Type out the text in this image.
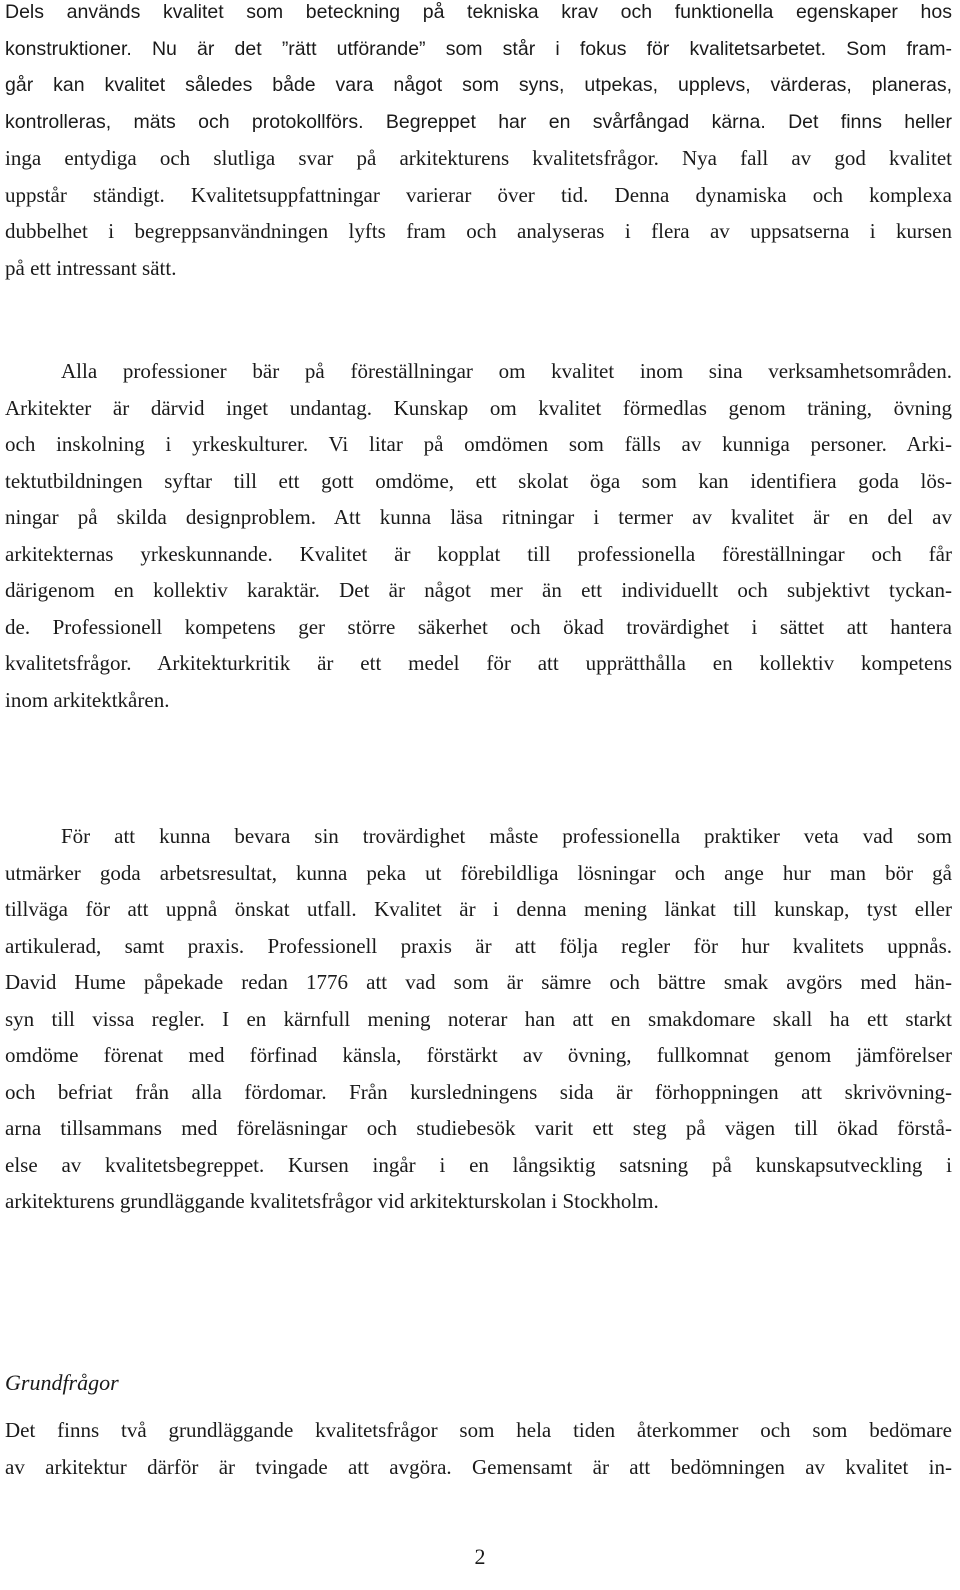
Dels används kvalitet som beteckning på tekniska krav och funktionella egenskaper hos
konstruktioner. Nu är det ”rätt utförande” som står i fokus för kvalitetsarbetet. Som fram-
går kan kvalitet således både vara något som syns, utpekas, upplevs, värderas, planeras,
kontrolleras, mäts och protokollförs. Begreppet har en svårfångad kärna. Det finns heller
inga entydiga och slutliga svar på arkitekturens kvalitetsfrågor. Nya fall av god kvalitet
uppstår ständigt. Kvalitetsuppfattningar varierar över tid. Denna dynamiska och komplexa
dubbelhet i begreppsanvändningen lyfts fram och analyseras i flera av uppsatserna i kursen
på ett intressant sätt.

Alla professioner bär på föreställningar om kvalitet inom sina verksamhetsområden.
Arkitekter är därvid inget undantag. Kunskap om kvalitet förmedlas genom träning, övning
och inskolning i yrkeskulturer. Vi litar på omdömen som fälls av kunniga personer. Arki-
tektutbildningen syftar till ett gott omdöme, ett skolat öga som kan identifiera goda lös-
ningar på skilda designproblem. Att kunna läsa ritningar i termer av kvalitet är en del av
arkitekternas yrkeskunnande. Kvalitet är kopplat till professionella föreställningar och får
därigenom en kollektiv karaktär. Det är något mer än ett individuellt och subjektivt tyckan-
de. Professionell kompetens ger större säkerhet och ökad trovärdighet i sättet att hantera
kvalitetsfrågor. Arkitekturkritik är ett medel för att upprätthålla en kollektiv kompetens
inom arkitektkåren.

För att kunna bevara sin trovärdighet måste professionella praktiker veta vad som
utmärker goda arbetsresultat, kunna peka ut förebildliga lösningar och ange hur man bör gå
tillväga för att uppnå önskat utfall. Kvalitet är i denna mening länkat till kunskap, tyst eller
artikulerad, samt praxis. Professionell praxis är att följa regler för hur kvalitets uppnås.
David Hume påpekade redan 1776 att vad som är sämre och bättre smak avgörs med hän-
syn till vissa regler. I en kärnfull mening noterar han att en smakdomare skall ha ett starkt
omdöme förenat med förfinad känsla, förstärkt av övning, fullkomnat genom jämförelser
och befriat från alla fördomar. Från kursledningens sida är förhoppningen att skrivövning-
arna tillsammans med föreläsningar och studiebesök varit ett steg på vägen till ökad förstå-
else av kvalitetsbegreppet. Kursen ingår i en långsiktig satsning på kunskapsutveckling i
arkitekturens grundläggande kvalitetsfrågor vid arkitekturskolan i Stockholm.

Grundfrågor

Det finns två grundläggande kvalitetsfrågor som hela tiden återkommer och som bedömare
av arkitektur därför är tvingade att avgöra. Gemensamt är att bedömningen av kvalitet in-

2
